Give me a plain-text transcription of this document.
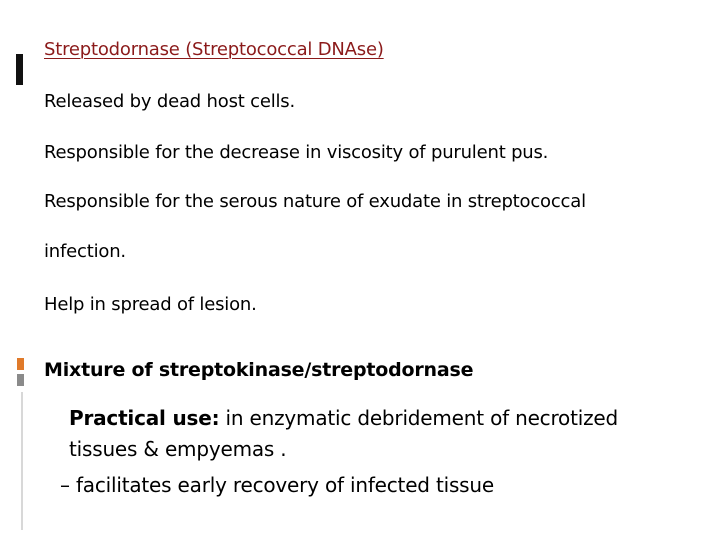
Streptodornase (Streptococcal DNAse)
Released by dead host cells.
Responsible for the decrease in viscosity of purulent pus.
Responsible for the serous nature of exudate in streptococcal
infection.
Help in spread of lesion.
Mixture of streptokinase/streptodornase
Practical use: in enzymatic debridement of necrotized tissues & empyemas .
– facilitates early recovery of infected tissue
